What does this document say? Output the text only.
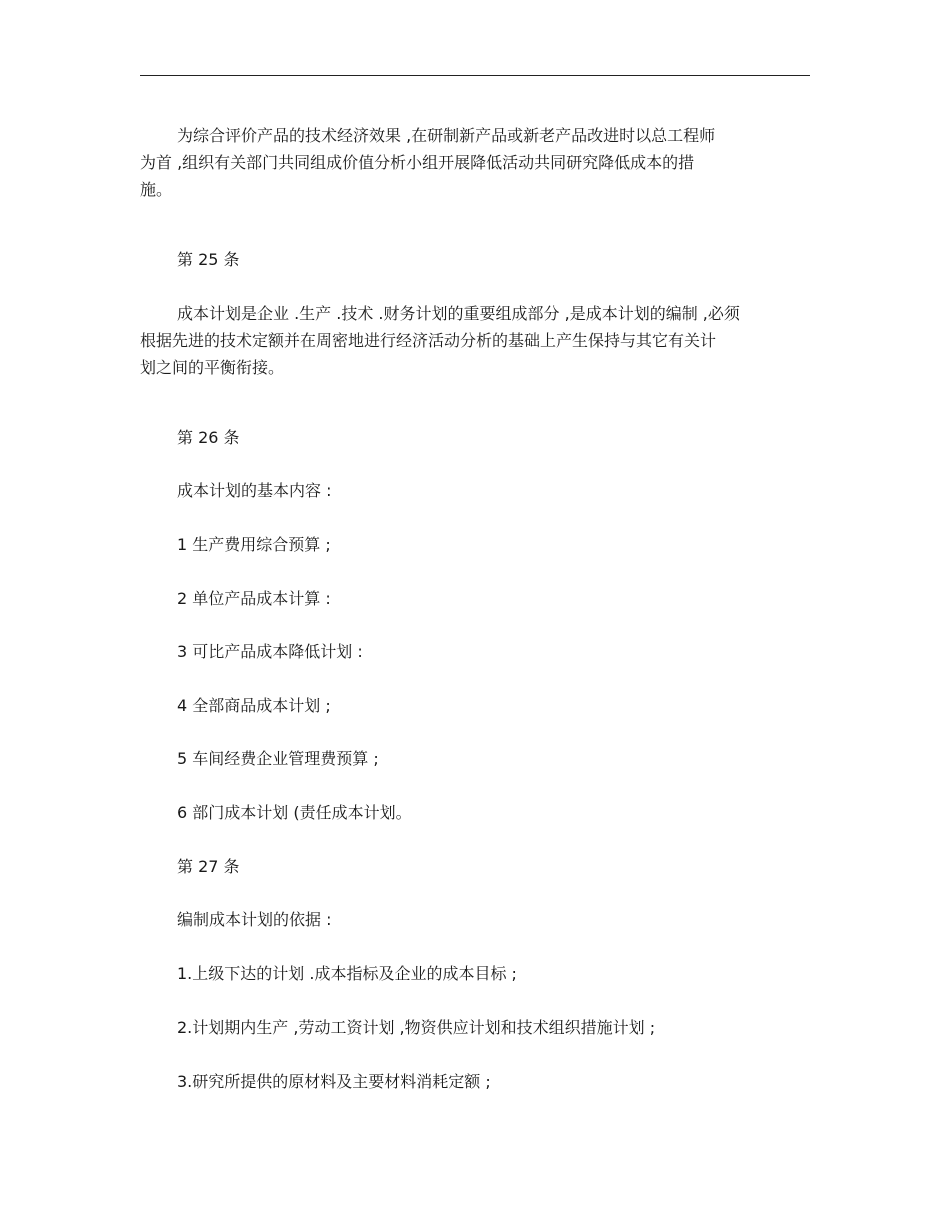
为综合评价产品的技术经济效果 ,在研制新产品或新老产品改进时以总工程师
为首 ,组织有关部门共同组成价值分析小组开展降低活动共同研究降低成本的措
施。
第 25 条
成本计划是企业 .生产 .技术 .财务计划的重要组成部分 ,是成本计划的编制 ,必须
根据先进的技术定额并在周密地进行经济活动分析的基础上产生保持与其它有关计
划之间的平衡衔接。
第 26 条
成本计划的基本内容 :
1 生产费用综合预算 ;
2 单位产品成本计算 :
3 可比产品成本降低计划 :
4 全部商品成本计划 ;
5 车间经费企业管理费预算 ;
6 部门成本计划 (责任成本计划。
第 27 条
编制成本计划的依据 :
1.上级下达的计划 .成本指标及企业的成本目标 ;
2.计划期内生产 ,劳动工资计划 ,物资供应计划和技术组织措施计划 ;
3.研究所提供的原材料及主要材料消耗定额 ;
